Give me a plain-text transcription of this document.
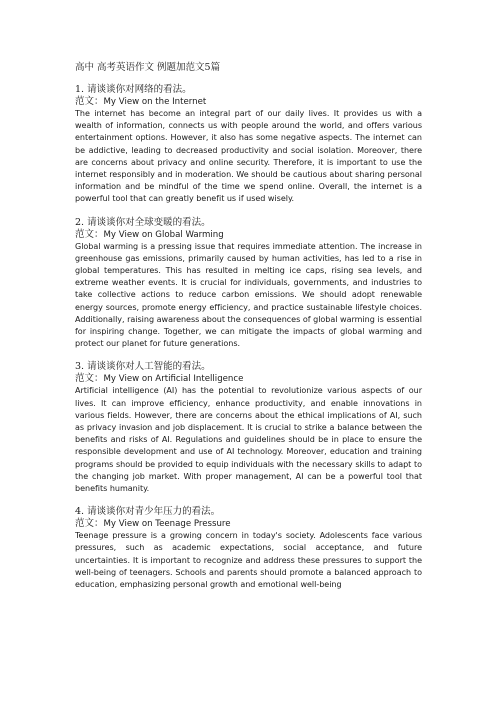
高中 高考英语作文 例题加范文5篇
1. 请谈谈你对网络的看法。
范文：My View on the Internet

The internet has become an integral part of our daily lives. It provides us with a wealth of information, connects us with people around the world, and offers various entertainment options. However, it also has some negative aspects. The internet can be addictive, leading to decreased productivity and social isolation. Moreover, there are concerns about privacy and online security. Therefore, it is important to use the internet responsibly and in moderation. We should be cautious about sharing personal information and be mindful of the time we spend online. Overall, the internet is a powerful tool that can greatly benefit us if used wisely.

2. 请谈谈你对全球变暖的看法。
范文：My View on Global Warming

Global warming is a pressing issue that requires immediate attention. The increase in greenhouse gas emissions, primarily caused by human activities, has led to a rise in global temperatures. This has resulted in melting ice caps, rising sea levels, and extreme weather events. It is crucial for individuals, governments, and industries to take collective actions to reduce carbon emissions. We should adopt renewable energy sources, promote energy efficiency, and practice sustainable lifestyle choices. Additionally, raising awareness about the consequences of global warming is essential for inspiring change. Together, we can mitigate the impacts of global warming and protect our planet for future generations.

3. 请谈谈你对人工智能的看法。
范文：My View on Artificial Intelligence

Artificial intelligence (AI) has the potential to revolutionize various aspects of our lives. It can improve efficiency, enhance productivity, and enable innovations in various fields. However, there are concerns about the ethical implications of AI, such as privacy invasion and job displacement. It is crucial to strike a balance between the benefits and risks of AI. Regulations and guidelines should be in place to ensure the responsible development and use of AI technology. Moreover, education and training programs should be provided to equip individuals with the necessary skills to adapt to the changing job market. With proper management, AI can be a powerful tool that benefits humanity.

4. 请谈谈你对青少年压力的看法。
范文：My View on Teenage Pressure

Teenage pressure is a growing concern in today's society. Adolescents face various pressures, such as academic expectations, social acceptance, and future uncertainties. It is important to recognize and address these pressures to support the well-being of teenagers. Schools and parents should promote a balanced approach to education, emphasizing personal growth and emotional well-being
